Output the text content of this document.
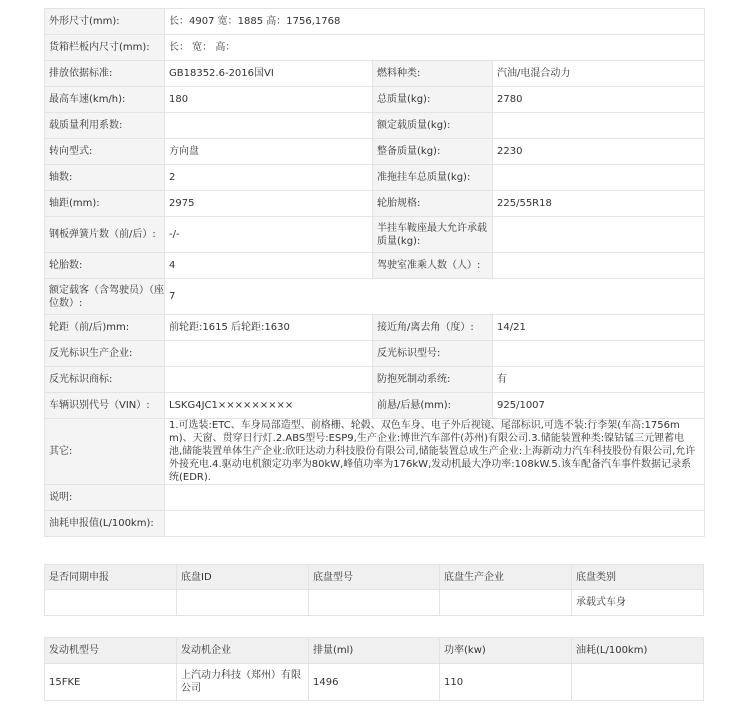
外形尺寸(mm):	长：4907 宽：1885 高：1756,1768		
货箱栏板内尺寸(mm):	长： 宽： 高：		
排放依据标准:	GB18352.6-2016国VI	燃料种类:	汽油/电混合动力
最高车速(km/h):	180	总质量(kg):	2780
载质量利用系数:		额定载质量(kg):	
转向型式:	方向盘	整备质量(kg):	2230
轴数:	2	准拖挂车总质量(kg):	
轴距(mm):	2975	轮胎规格:	225/55R18
钢板弹簧片数（前/后）:	-/-	半挂车鞍座最大允许承载质量(kg):	
轮胎数:	4	驾驶室准乘人数（人）:	
额定载客（含驾驶员）（座位数）:	7		
轮距（前/后)mm:	前轮距:1615 后轮距:1630	接近角/离去角（度）:	14/21
反光标识生产企业:		反光标识型号:	
反光标识商标:		防抱死制动系统:	有
车辆识别代号（VIN）:	LSKG4JC1×××××××××	前悬/后悬(mm):	925/1007
其它:	1.可选装:ETC、车身局部造型、前格栅、轮毂、双色车身、电子外后视镜、尾部标识,可选不装:行李架(车高:1756mm)、天窗、贯穿日行灯.2.ABS型号:ESP9,生产企业:博世汽车部件(苏州)有限公司.3.储能装置种类:镍钴锰三元锂蓄电池,储能装置单体生产企业:欣旺达动力科技股份有限公司,储能装置总成生产企业:上海新动力汽车科技股份有限公司,允许外接充电.4.驱动电机额定功率为80kW,峰值功率为176kW,发动机最大净功率:108kW.5.该车配备汽车事件数据记录系统(EDR).		
说明:			
油耗申报值(L/100km):			
是否同期申报	底盘ID	底盘型号	底盘生产企业	底盘类别
				承载式车身
发动机型号	发动机企业	排量(ml)	功率(kw)	油耗(L/100km)
15FKE	上汽动力科技（郑州）有限公司	1496	110	
